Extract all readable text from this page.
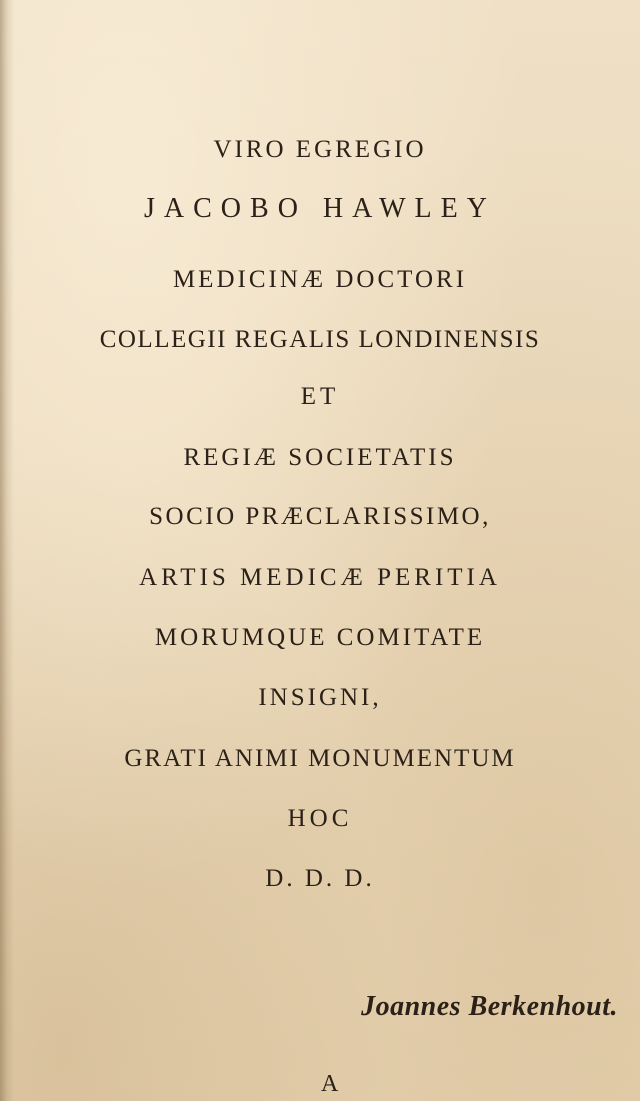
VIRO EGREGIO
JACOBO HAWLEY
MEDICINÆ DOCTORI
COLLEGII REGALIS LONDINENSIS
ET
REGIÆ SOCIETATIS
SOCIO PRÆCLARISSIMO,
ARTIS MEDICÆ PERITIA
MORUMQUE COMITATE
INSIGNI,
GRATI ANIMI MONUMENTUM
HOC
D. D. D.
Joannes Berkenhout.
A
